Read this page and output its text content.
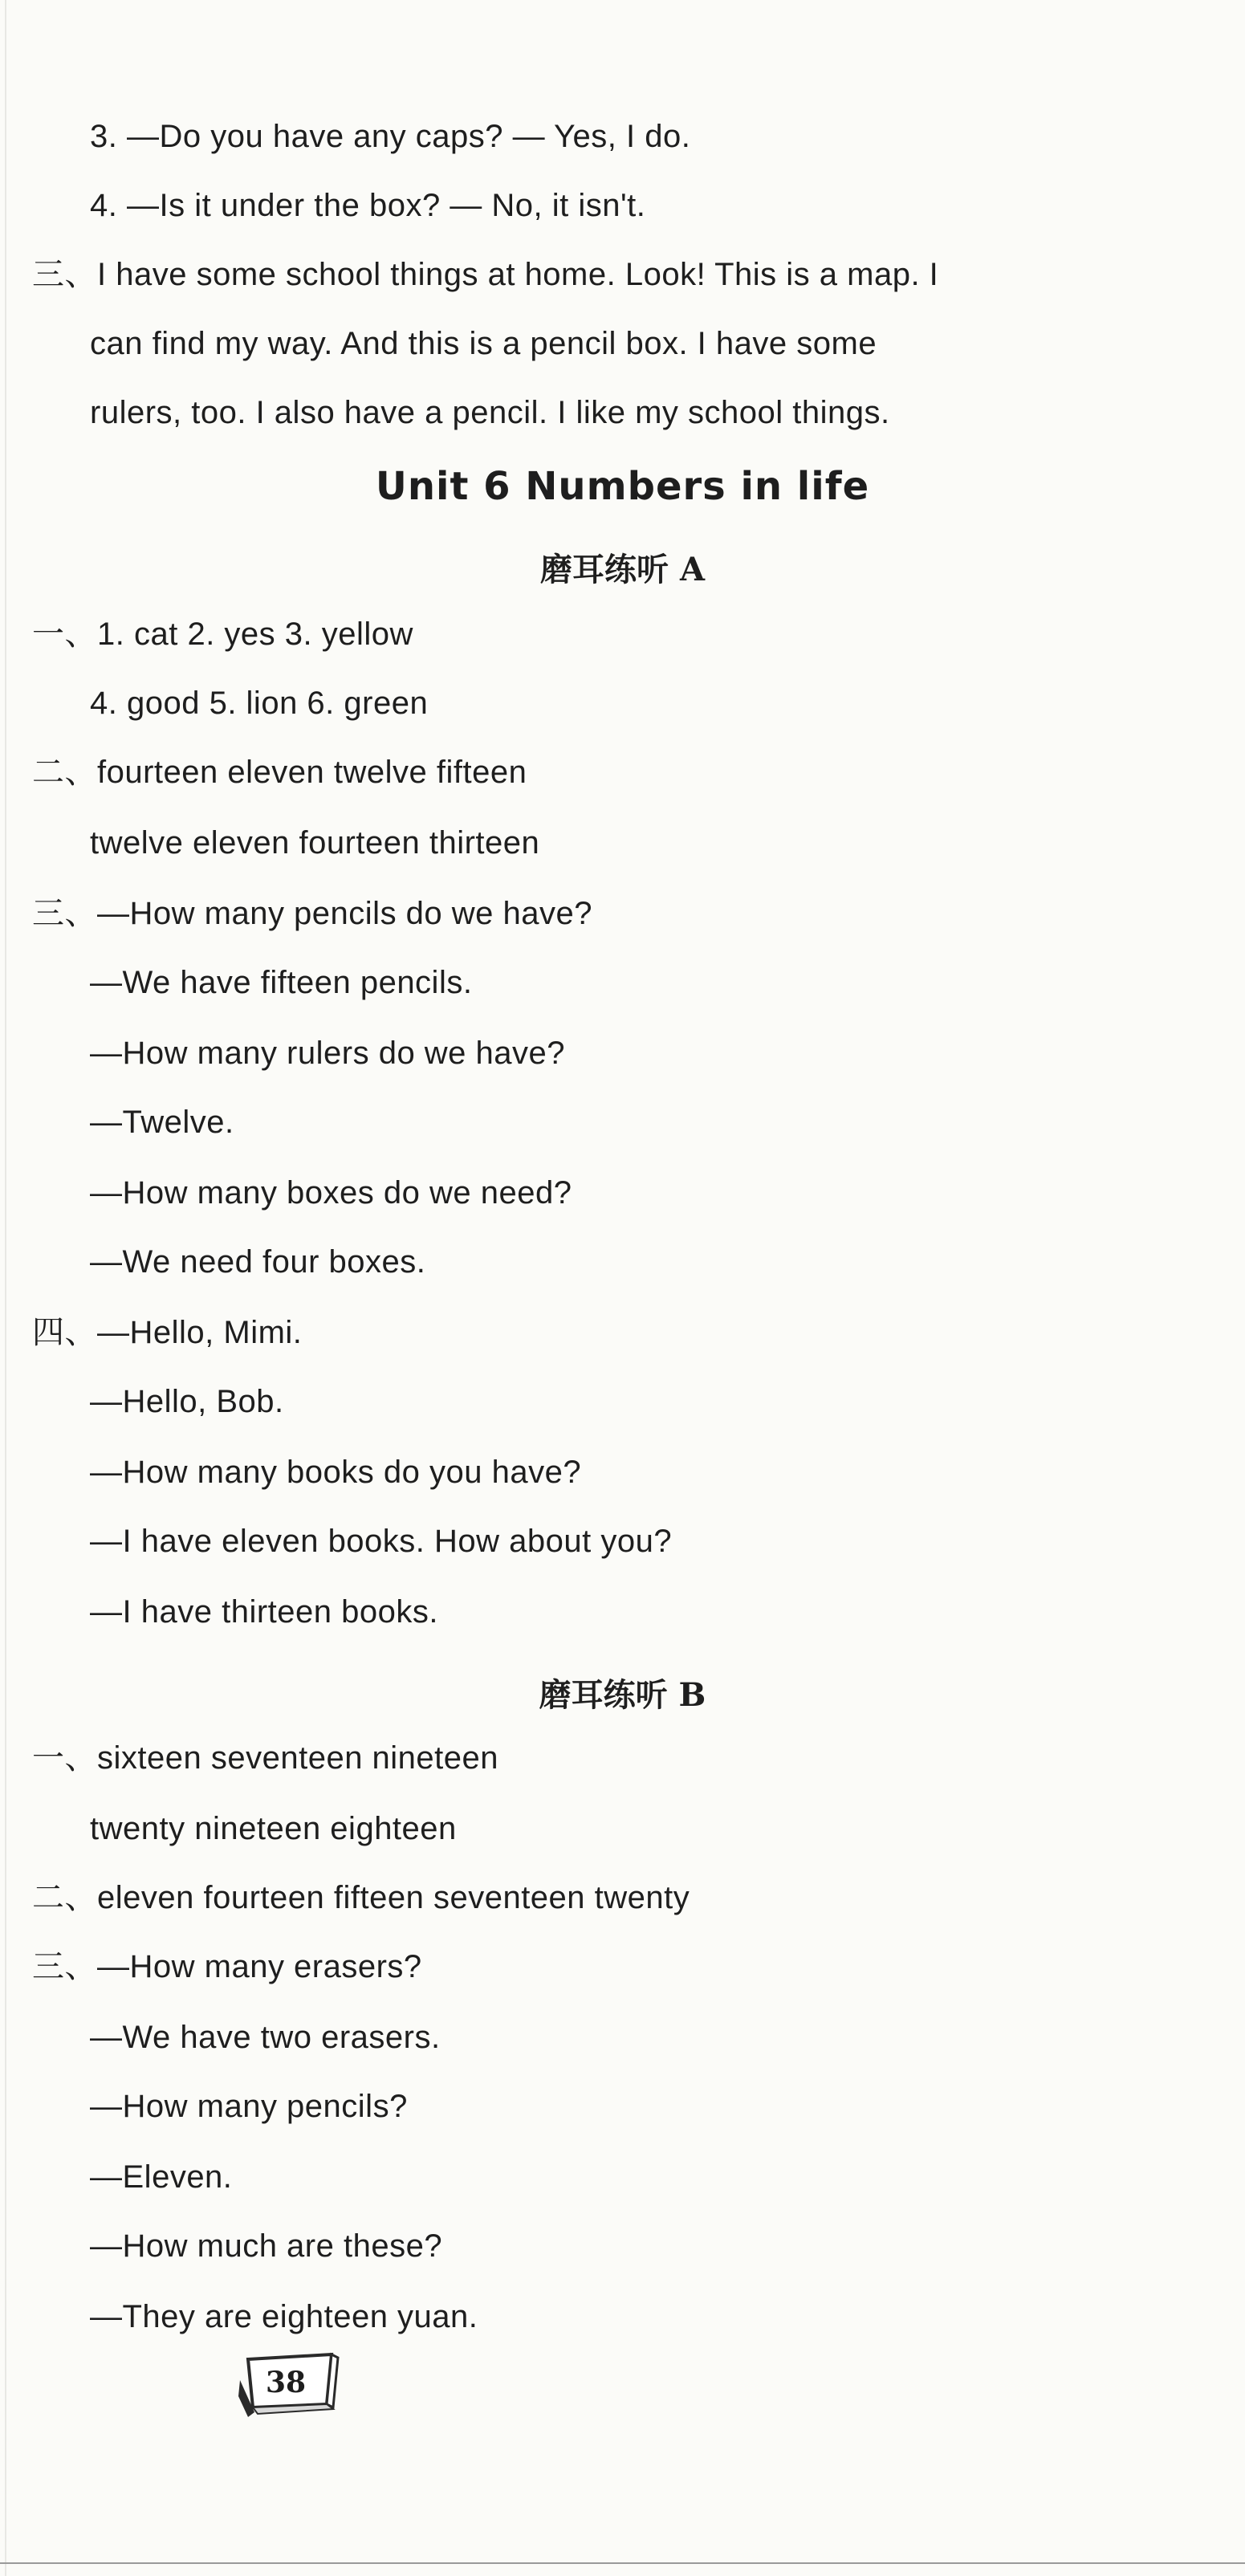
3. —Do you have any caps? — Yes, I do.
4. —Is it under the box? — No, it isn't.
三、I have some school things at home. Look! This is a map. I
can find my way. And this is a pencil box. I have some
rulers, too. I also have a pencil. I like my school things.
Unit 6 Numbers in life
磨耳练听 A
一、1. cat 2. yes 3. yellow
4. good 5. lion 6. green
二、fourteen eleven twelve fifteen
twelve eleven fourteen thirteen
三、—How many pencils do we have?
—We have fifteen pencils.
—How many rulers do we have?
—Twelve.
—How many boxes do we need?
—We need four boxes.
四、—Hello, Mimi.
—Hello, Bob.
—How many books do you have?
—I have eleven books. How about you?
—I have thirteen books.
磨耳练听 B
一、sixteen seventeen nineteen
twenty nineteen eighteen
二、eleven fourteen fifteen seventeen twenty
三、—How many erasers?
—We have two erasers.
—How many pencils?
—Eleven.
—How much are these?
—They are eighteen yuan.
38
